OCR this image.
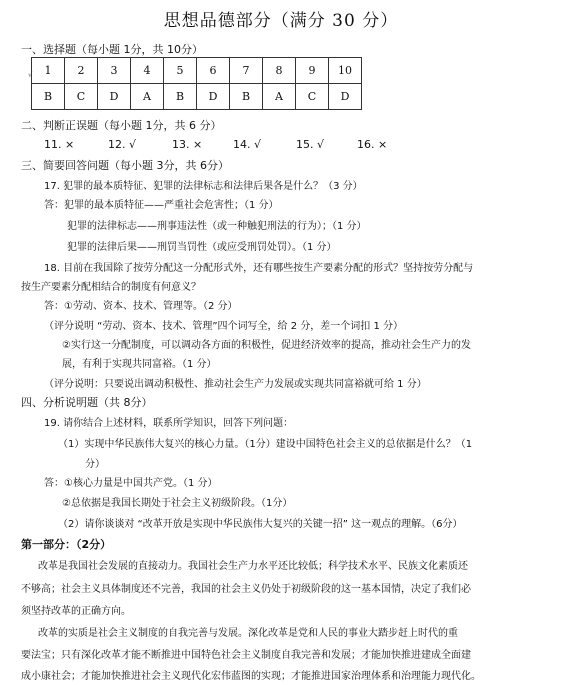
思想品德部分（满分 30 分）
一、选择题（每小题 1分，共 10分）
√ 1	2	3	4	5	6	7	8	9	10
B	C	D	A	B	D	B	A	C	D
二、判断正误题（每小题 1分，共 6 分）
11. ×	12. √	13. ×	14. √	15. √	16. ×
三、简要回答问题（每小题 3分，共 6分）
17. 犯罪的最本质特征、犯罪的法律标志和法律后果各是什么？（3 分）
答：犯罪的最本质特征——严重社会危害性；（1 分）
犯罪的法律标志——刑事违法性（或一种触犯刑法的行为）；（1 分）
犯罪的法律后果——刑罚当罚性（或应受刑罚处罚）。（1 分）
18. 目前在我国除了按劳分配这一分配形式外，还有哪些按生产要素分配的形式？坚持按劳分配与
按生产要素分配相结合的制度有何意义？
答：①劳动、资本、技术、管理等。（2 分）
（评分说明 “劳动、资本、技术、管理”四个词写全，给 2 分，差一个词扣 1 分）
②实行这一分配制度，可以调动各方面的积极性，促进经济效率的提高，推动社会生产力的发
展，有利于实现共同富裕。（1 分）
（评分说明：只要说出调动积极性、推动社会生产力发展或实现共同富裕就可给 1 分）
四、分析说明题（共 8分）
19. 请你结合上述材料，联系所学知识，回答下列问题：
（1）实现中华民族伟大复兴的核心力量。（1分）建设中国特色社会主义的总依据是什么？（1
分）
答：①核心力量是中国共产党。（1 分）
②总依据是我国长期处于社会主义初级阶段。（1分）
（2）请你谈谈对 “改革开放是实现中华民族伟大复兴的关键一招” 这一观点的理解。（6分）
第一部分：（2分）
改革是我国社会发展的直接动力。我国社会生产力水平还比较低；科学技术水平、民族文化素质还
不够高；社会主义具体制度还不完善，我国的社会主义仍处于初级阶段的这一基本国情，决定了我们必
须坚持改革的正确方向。
改革的实质是社会主义制度的自我完善与发展。深化改革是党和人民的事业大踏步赶上时代的重
要法宝；只有深化改革才能不断推进中国特色社会主义制度自我完善和发展；才能加快推进建成全面建
成小康社会；才能加快推进社会主义现代化宏伟蓝图的实现；才能推进国家治理体系和治理能力现代化。
